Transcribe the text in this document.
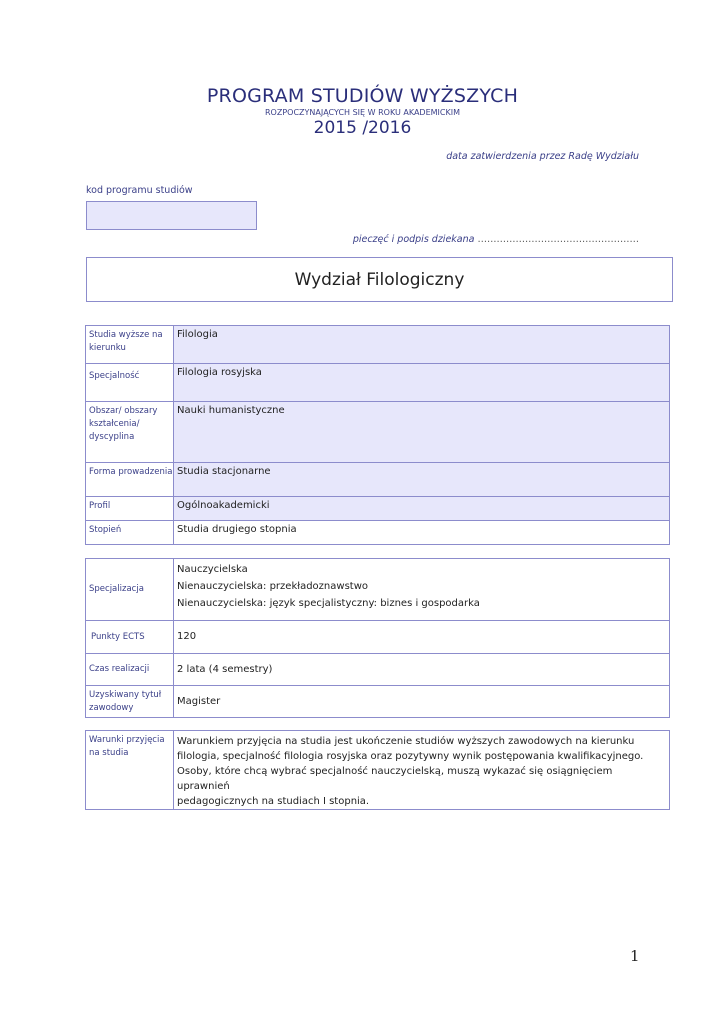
PROGRAM STUDIÓW WYŻSZYCH
ROZPOCZYNAJĄCYCH SIĘ W ROKU AKADEMICKIM
2015 /2016
data zatwierdzenia przez Radę Wydziału
kod programu studiów
pieczęć i podpis dziekana ……………………………………………
Wydział Filologiczny
Studia wyższe na kierunku	Filologia
Specjalność	Filologia rosyjska
Obszar/ obszary kształcenia/ dyscyplina	Nauki humanistyczne
Forma prowadzenia	Studia stacjonarne
Profil	Ogólnoakademicki
Stopień	Studia drugiego stopnia
Specjalizacja	Nauczycielska
Nienauczycielska: przekładoznawstwo
Nienauczycielska: język specjalistyczny: biznes i gospodarka

Punkty ECTS	120
Czas realizacji	2 lata (4 semestry)
Uzyskiwany tytuł zawodowy	Magister
Warunki przyjęcia na studia	
Warunkiem przyjęcia na studia jest ukończenie studiów wyższych zawodowych na kierunku
filologia, specjalność filologia rosyjska oraz pozytywny wynik postępowania kwalifikacyjnego.
Osoby, które chcą wybrać specjalność nauczycielską, muszą wykazać się osiągnięciem uprawnień
pedagogicznych na studiach I stopnia.
1
